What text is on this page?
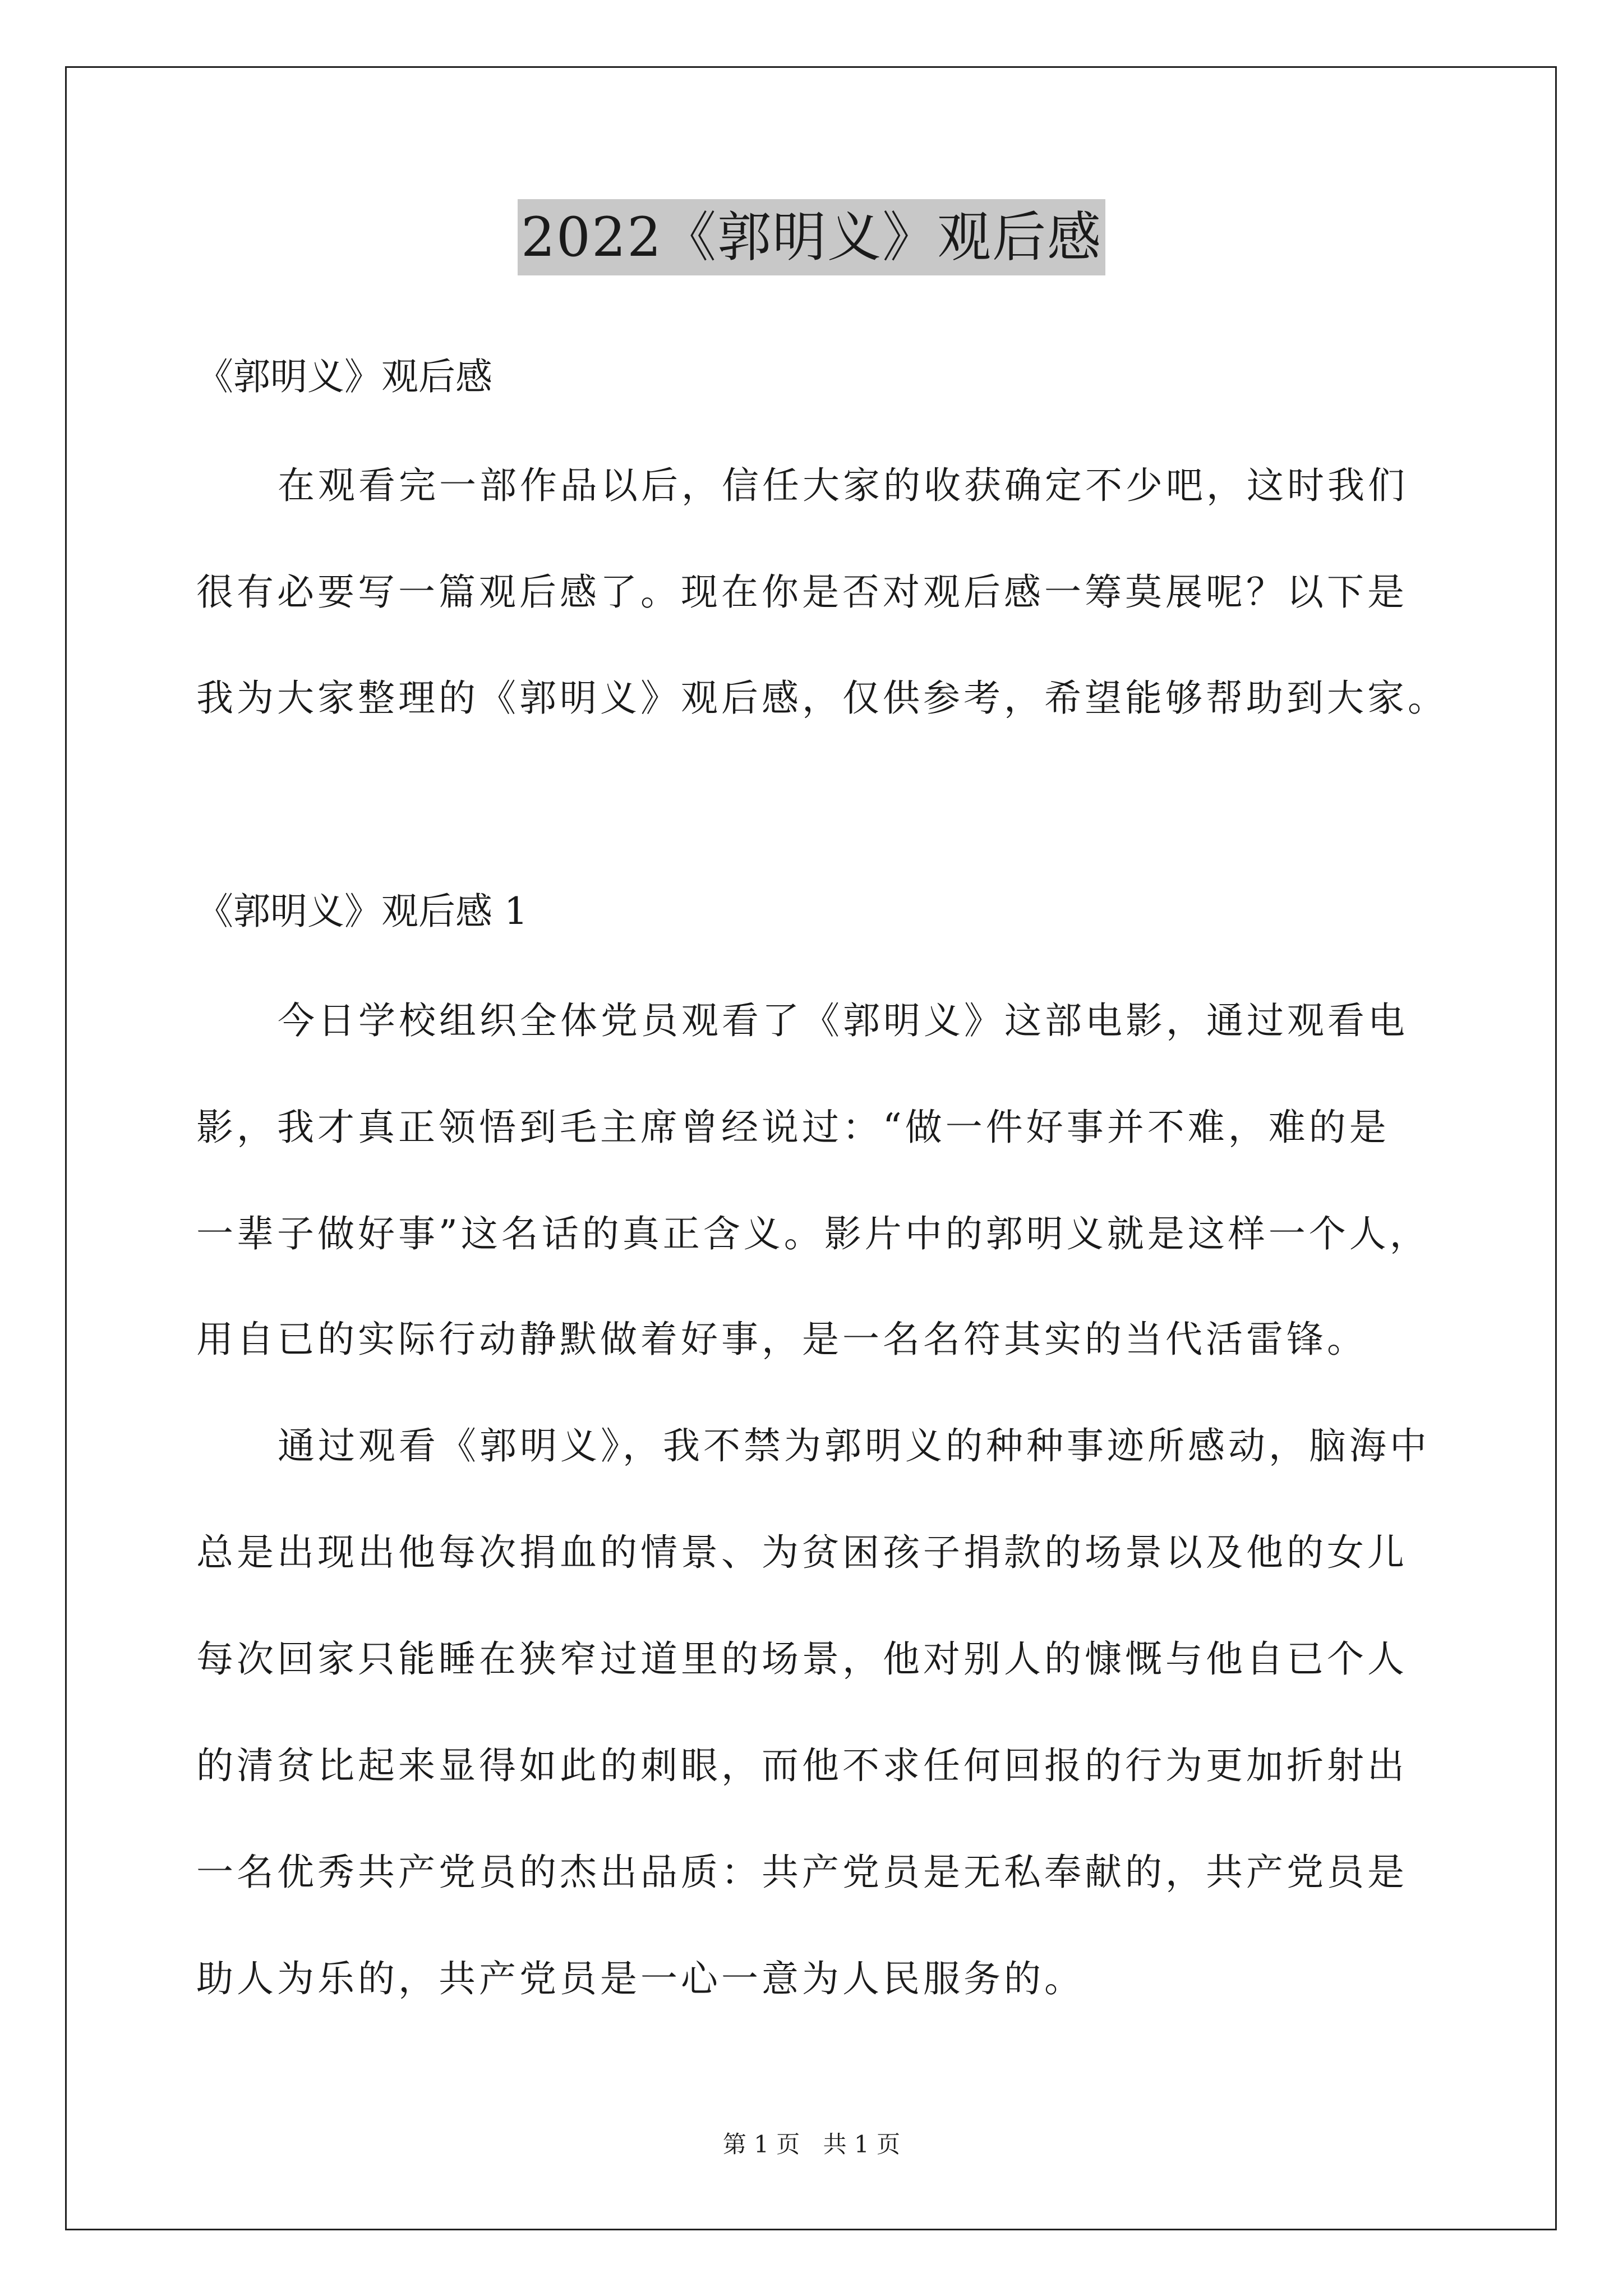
2022《郭明义》观后感
《郭明义》观后感
在观看完一部作品以后，信任大家的收获确定不少吧，这时我们
很有必要写一篇观后感了。现在你是否对观后感一筹莫展呢？以下是
我为大家整理的《郭明义》观后感，仅供参考，希望能够帮助到大家。
《郭明义》观后感 1
今日学校组织全体党员观看了《郭明义》这部电影，通过观看电
影，我才真正领悟到毛主席曾经说过：“做一件好事并不难，难的是
一辈子做好事”这名话的真正含义。影片中的郭明义就是这样一个人，
用自已的实际行动静默做着好事，是一名名符其实的当代活雷锋。
通过观看《郭明义》，我不禁为郭明义的种种事迹所感动，脑海中
总是出现出他每次捐血的情景、为贫困孩子捐款的场景以及他的女儿
每次回家只能睡在狭窄过道里的场景，他对别人的慷慨与他自已个人
的清贫比起来显得如此的刺眼，而他不求任何回报的行为更加折射出
一名优秀共产党员的杰出品质：共产党员是无私奉献的，共产党员是
助人为乐的，共产党员是一心一意为人民服务的。
第 1 页 共 1 页
